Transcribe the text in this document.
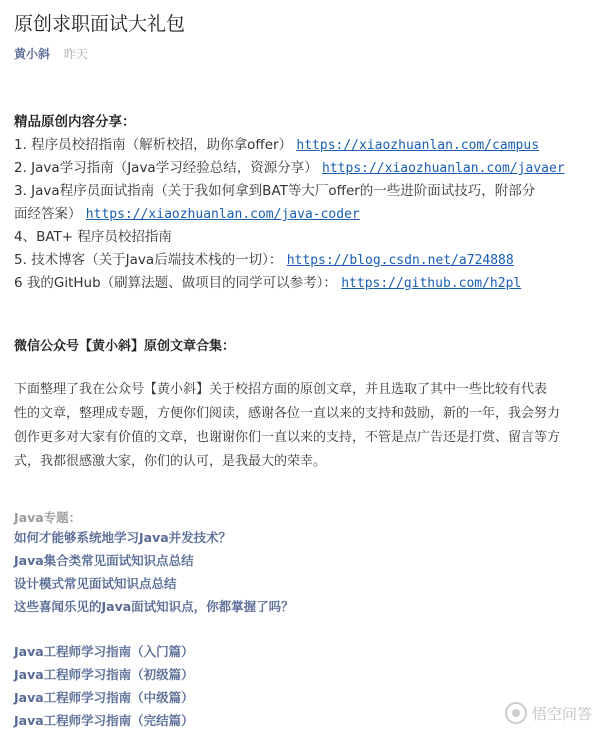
原创求职面试大礼包
黄小斜 昨天
精品原创内容分享：
1. 程序员校招指南（解析校招，助你拿offer） https://xiaozhuanlan.com/campus
2. Java学习指南（Java学习经验总结，资源分享） https://xiaozhuanlan.com/javaer
3. Java程序员面试指南（关于我如何拿到BAT等大厂offer的一些进阶面试技巧，附部分
面经答案） https://xiaozhuanlan.com/java-coder
4、BAT+ 程序员校招指南
5. 技术博客（关于Java后端技术栈的一切）： https://blog.csdn.net/a724888
6 我的GitHub（刷算法题、做项目的同学可以参考）： https://github.com/h2pl
微信公众号【黄小斜】原创文章合集：
下面整理了我在公众号【黄小斜】关于校招方面的原创文章，并且选取了其中一些比较有代表
性的文章，整理成专题，方便你们阅读，感谢各位一直以来的支持和鼓励，新的一年，我会努力
创作更多对大家有价值的文章，也谢谢你们一直以来的支持，不管是点广告还是打赏、留言等方
式，我都很感激大家，你们的认可，是我最大的荣幸。
Java专题：
如何才能够系统地学习Java并发技术？
Java集合类常见面试知识点总结
设计模式常见面试知识点总结
这些喜闻乐见的Java面试知识点，你都掌握了吗？
Java工程师学习指南（入门篇）
Java工程师学习指南（初级篇）
Java工程师学习指南（中级篇）
Java工程师学习指南（完结篇）	悟空问答
